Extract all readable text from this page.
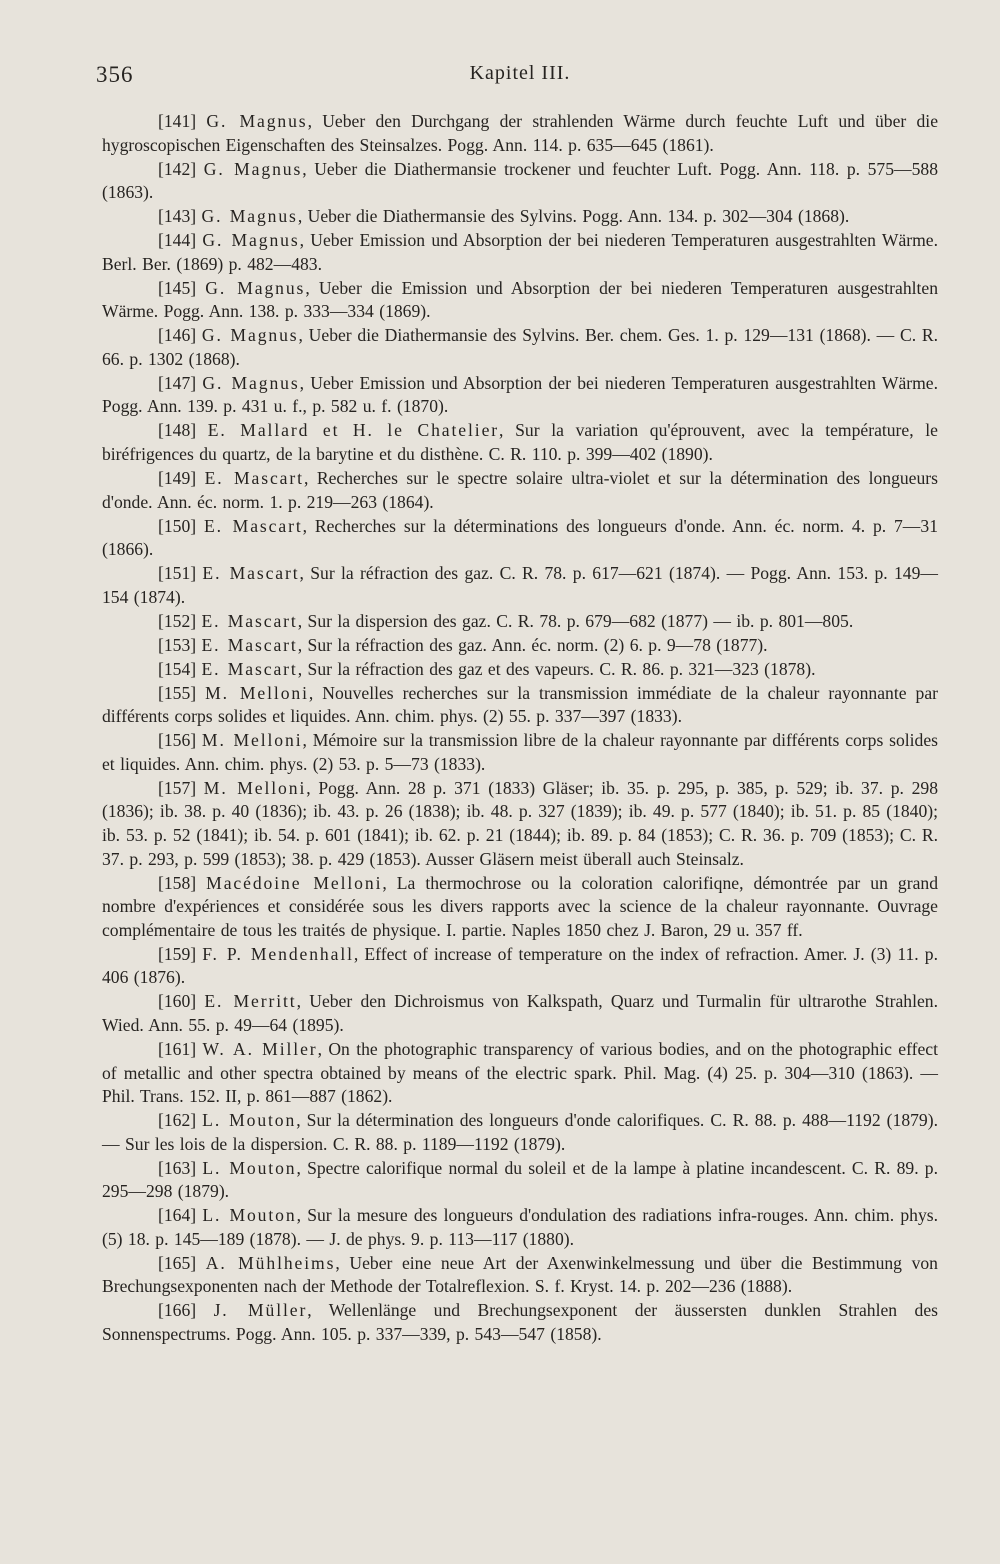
356	Kapitel III.

[141] G. Magnus, Ueber den Durchgang der strahlenden Wärme durch feuchte Luft und über die hygroscopischen Eigenschaften des Steinsalzes. Pogg. Ann. 114. p. 635—645 (1861).

[142] G. Magnus, Ueber die Diathermansie trockener und feuchter Luft. Pogg. Ann. 118. p. 575—588 (1863).

[143] G. Magnus, Ueber die Diathermansie des Sylvins. Pogg. Ann. 134. p. 302—304 (1868).

[144] G. Magnus, Ueber Emission und Absorption der bei niederen Temperaturen ausgestrahlten Wärme. Berl. Ber. (1869) p. 482—483.

[145] G. Magnus, Ueber die Emission und Absorption der bei niederen Temperaturen ausgestrahlten Wärme. Pogg. Ann. 138. p. 333—334 (1869).

[146] G. Magnus, Ueber die Diathermansie des Sylvins. Ber. chem. Ges. 1. p. 129—131 (1868). — C. R. 66. p. 1302 (1868).

[147] G. Magnus, Ueber Emission und Absorption der bei niederen Temperaturen ausgestrahlten Wärme. Pogg. Ann. 139. p. 431 u. f., p. 582 u. f. (1870).

[148] E. Mallard et H. le Chatelier, Sur la variation qu'éprouvent, avec la température, le biréfrigences du quartz, de la barytine et du disthène. C. R. 110. p. 399—402 (1890).

[149] E. Mascart, Recherches sur le spectre solaire ultra-violet et sur la détermination des longueurs d'onde. Ann. éc. norm. 1. p. 219—263 (1864).

[150] E. Mascart, Recherches sur la déterminations des longueurs d'onde. Ann. éc. norm. 4. p. 7—31 (1866).

[151] E. Mascart, Sur la réfraction des gaz. C. R. 78. p. 617—621 (1874). — Pogg. Ann. 153. p. 149—154 (1874).

[152] E. Mascart, Sur la dispersion des gaz. C. R. 78. p. 679—682 (1877) — ib. p. 801—805.

[153] E. Mascart, Sur la réfraction des gaz. Ann. éc. norm. (2) 6. p. 9—78 (1877).

[154] E. Mascart, Sur la réfraction des gaz et des vapeurs. C. R. 86. p. 321—323 (1878).

[155] M. Melloni, Nouvelles recherches sur la transmission immédiate de la chaleur rayonnante par différents corps solides et liquides. Ann. chim. phys. (2) 55. p. 337—397 (1833).

[156] M. Melloni, Mémoire sur la transmission libre de la chaleur rayonnante par différents corps solides et liquides. Ann. chim. phys. (2) 53. p. 5—73 (1833).

[157] M. Melloni, Pogg. Ann. 28 p. 371 (1833) Gläser; ib. 35. p. 295, p. 385, p. 529; ib. 37. p. 298 (1836); ib. 38. p. 40 (1836); ib. 43. p. 26 (1838); ib. 48. p. 327 (1839); ib. 49. p. 577 (1840); ib. 51. p. 85 (1840); ib. 53. p. 52 (1841); ib. 54. p. 601 (1841); ib. 62. p. 21 (1844); ib. 89. p. 84 (1853); C. R. 36. p. 709 (1853); C. R. 37. p. 293, p. 599 (1853); 38. p. 429 (1853). Ausser Gläsern meist überall auch Steinsalz.

[158] Macédoine Melloni, La thermochrose ou la coloration calorifiqne, démontrée par un grand nombre d'expériences et considérée sous les divers rapports avec la science de la chaleur rayonnante. Ouvrage complémentaire de tous les traités de physique. I. partie. Naples 1850 chez J. Baron, 29 u. 357 ff.

[159] F. P. Mendenhall, Effect of increase of temperature on the index of refraction. Amer. J. (3) 11. p. 406 (1876).

[160] E. Merritt, Ueber den Dichroismus von Kalkspath, Quarz und Turmalin für ultrarothe Strahlen. Wied. Ann. 55. p. 49—64 (1895).

[161] W. A. Miller, On the photographic transparency of various bodies, and on the photographic effect of metallic and other spectra obtained by means of the electric spark. Phil. Mag. (4) 25. p. 304—310 (1863). — Phil. Trans. 152. II, p. 861—887 (1862).

[162] L. Mouton, Sur la détermination des longueurs d'onde calorifiques. C. R. 88. p. 488—1192 (1879). — Sur les lois de la dispersion. C. R. 88. p. 1189—1192 (1879).

[163] L. Mouton, Spectre calorifique normal du soleil et de la lampe à platine incandescent. C. R. 89. p. 295—298 (1879).

[164] L. Mouton, Sur la mesure des longueurs d'ondulation des radiations infra-rouges. Ann. chim. phys. (5) 18. p. 145—189 (1878). — J. de phys. 9. p. 113—117 (1880).

[165] A. Mühlheims, Ueber eine neue Art der Axenwinkelmessung und über die Bestimmung von Brechungsexponenten nach der Methode der Totalreflexion. S. f. Kryst. 14. p. 202—236 (1888).

[166] J. Müller, Wellenlänge und Brechungsexponent der äussersten dunklen Strahlen des Sonnenspectrums. Pogg. Ann. 105. p. 337—339, p. 543—547 (1858).
